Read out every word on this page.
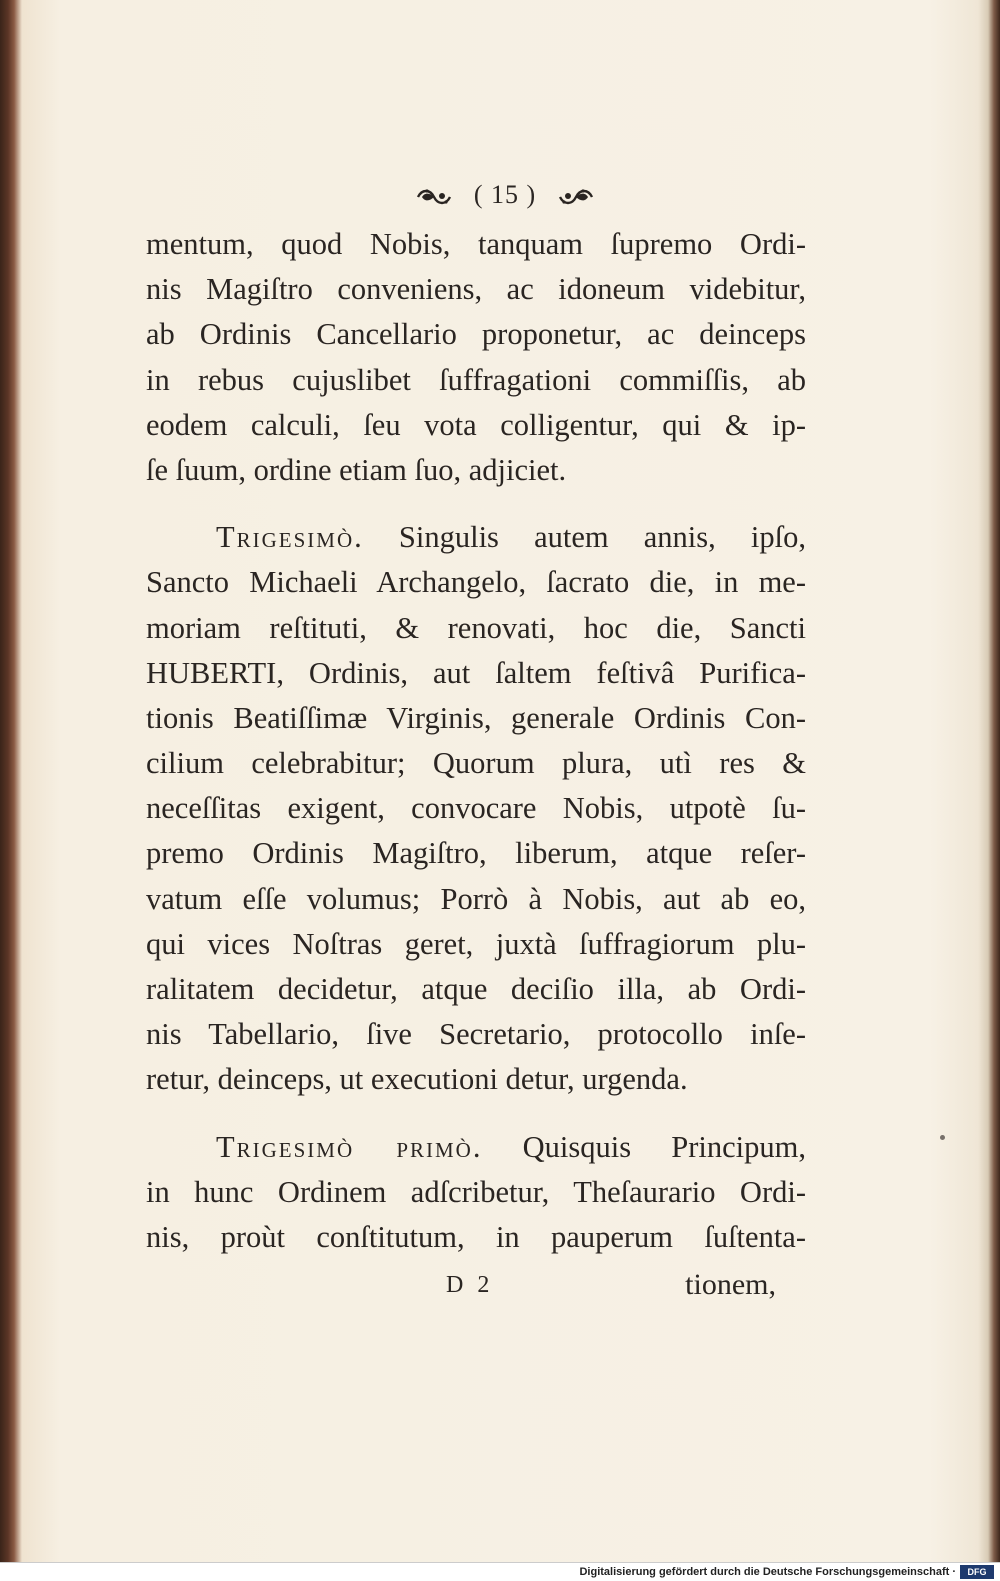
( 15 )
mentum, quod Nobis, tanquam ſupremo Ordi-
nis Magiſtro conveniens, ac idoneum videbitur,
ab Ordinis Cancellario proponetur, ac deinceps
in rebus cujuslibet ſuffragationi commiſſis, ab
eodem calculi, ſeu vota colligentur, qui & ip-
ſe ſuum, ordine etiam ſuo, adjiciet.
Trigesimò. Singulis autem annis, ipſo,
Sancto Michaeli Archangelo, ſacrato die, in me-
moriam reſtituti, & renovati, hoc die, Sancti
HUBERTI, Ordinis, aut ſaltem feſtivâ Purifica-
tionis Beatiſſimæ Virginis, generale Ordinis Con-
cilium celebrabitur; Quorum plura, utì res &
neceſſitas exigent, convocare Nobis, utpotè ſu-
premo Ordinis Magiſtro, liberum, atque reſer-
vatum eſſe volumus; Porrò à Nobis, aut ab eo,
qui vices Noſtras geret, juxtà ſuffragiorum plu-
ralitatem decidetur, atque deciſio illa, ab Ordi-
nis Tabellario, ſive Secretario, protocollo inſe-
retur, deinceps, ut executioni detur, urgenda.
Trigesimò primò. Quisquis Principum,
in hunc Ordinem adſcribetur, Theſaurario Ordi-
nis, proùt conſtitutum, in pauperum ſuſtenta-
D 2	tionem,
Digitalisierung gefördert durch die Deutsche Forschungsgemeinschaft ·	DFG
